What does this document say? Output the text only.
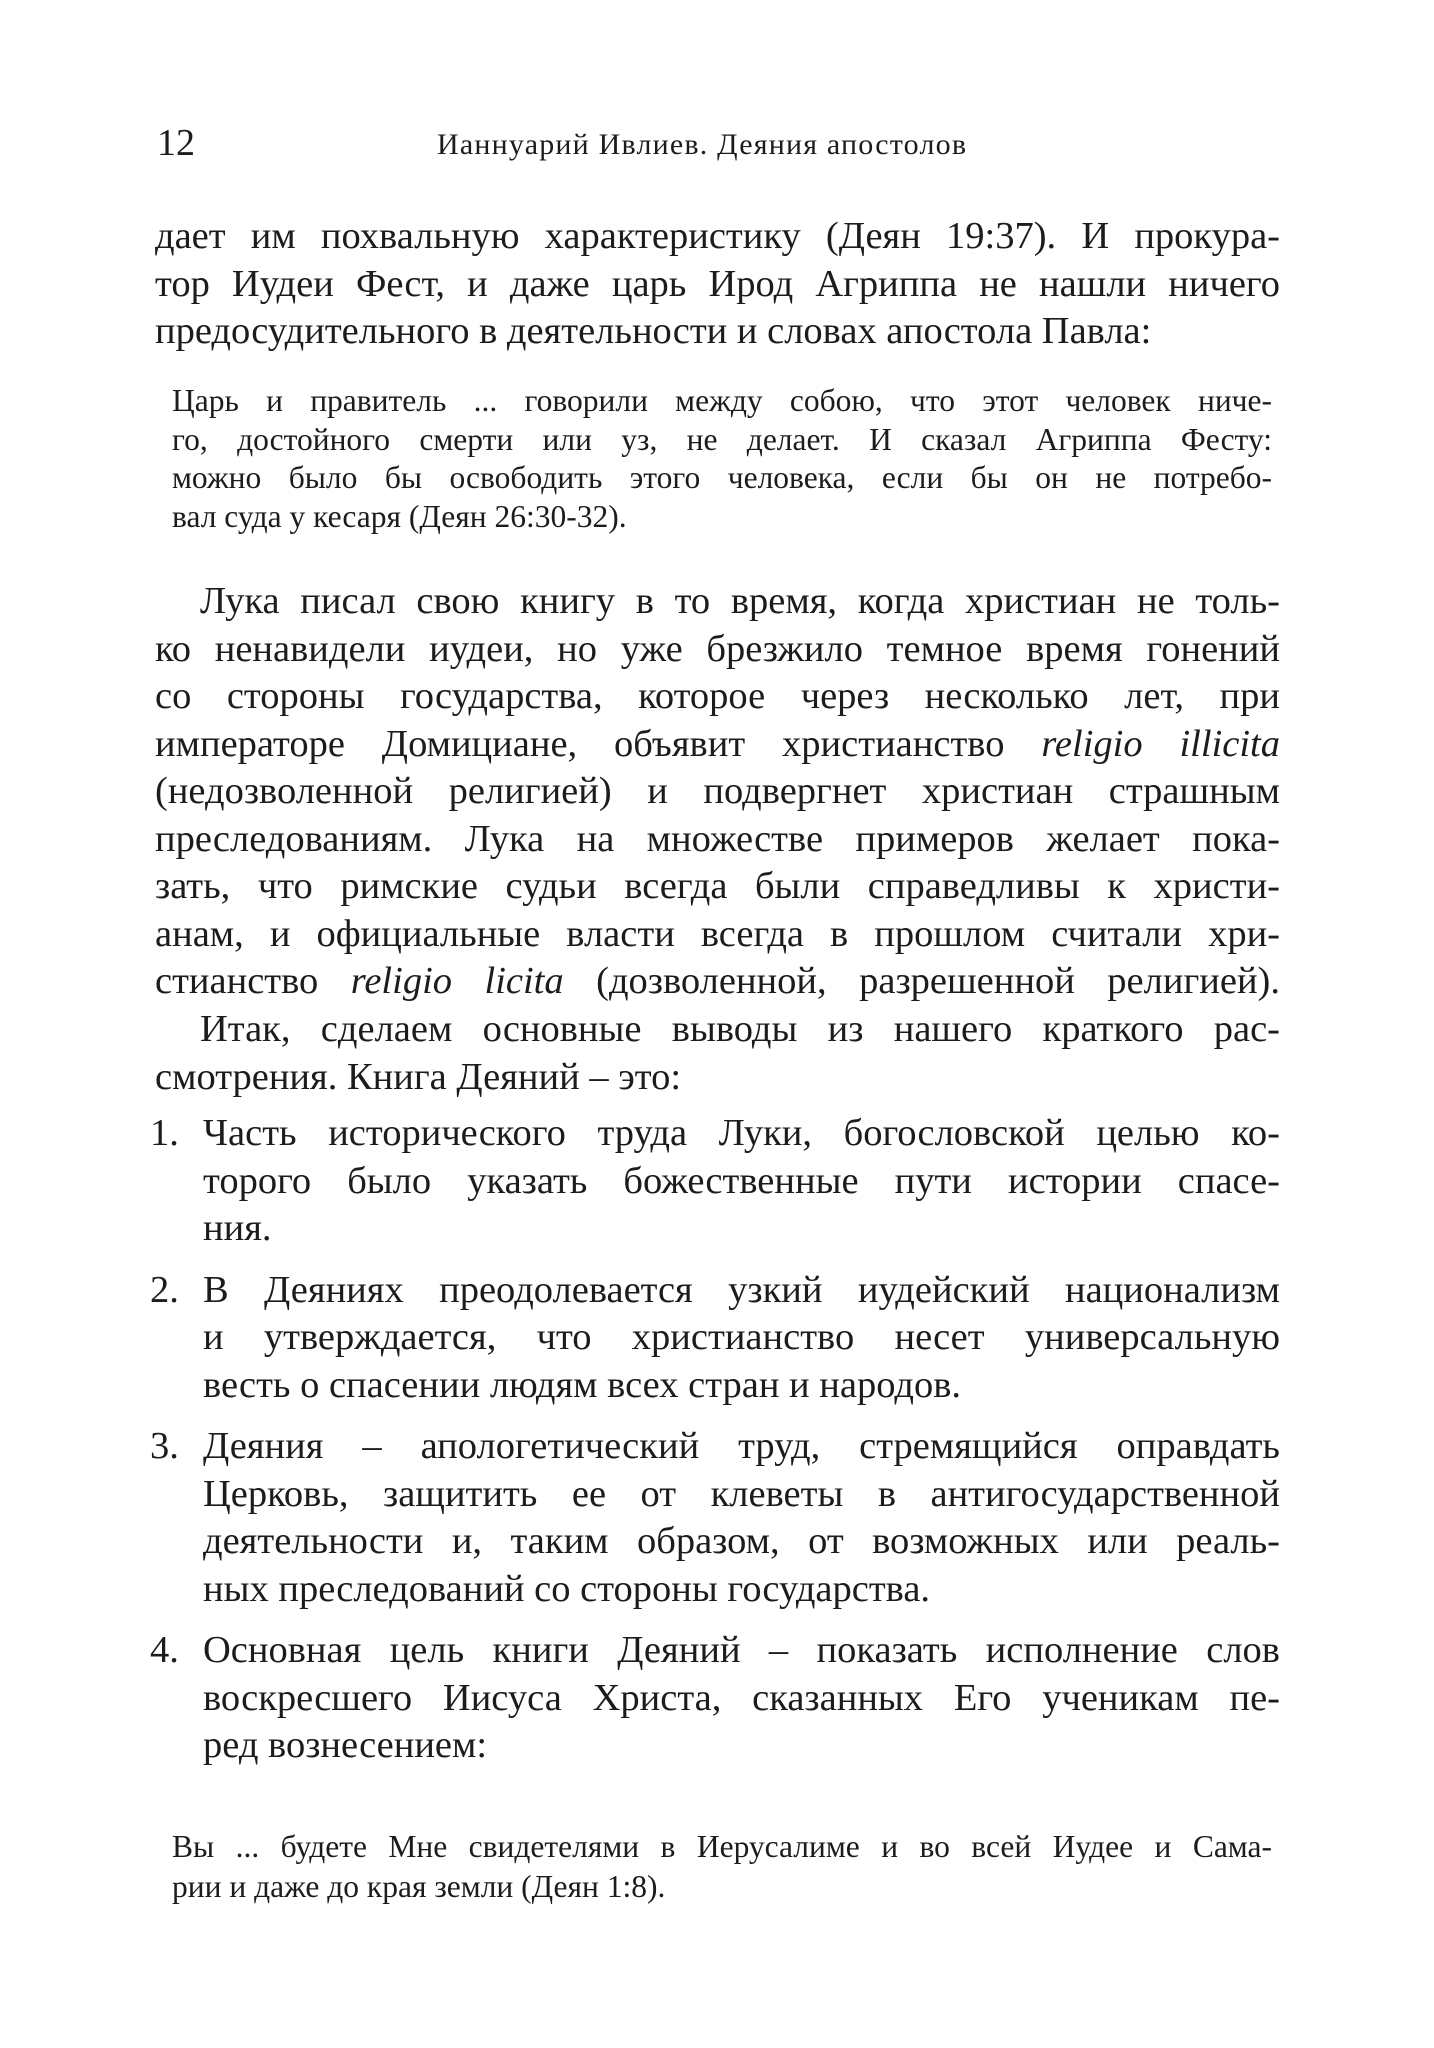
12	Ианнуарий Ивлиев. Деяния апостолов
дает им похвальную характеристику (Деян 19:37). И прокура-
тор Иудеи Фест, и даже царь Ирод Агриппа не нашли ничего
предосудительного в деятельности и словах апостола Павла:
Царь и правитель ... говорили между собою, что этот человек ниче-
го, достойного смерти или уз, не делает. И сказал Агриппа Фесту:
можно было бы освободить этого человека, если бы он не потребо-
вал суда у кесаря (Деян 26:30-32).
Лука писал свою книгу в то время, когда христиан не толь-
ко ненавидели иудеи, но уже брезжило темное время гонений
со стороны государства, которое через несколько лет, при
императоре Домициане, объявит христианство religio illicita
(недозволенной религией) и подвергнет христиан страшным
преследованиям. Лука на множестве примеров желает пока-
зать, что римские судьи всегда были справедливы к христи-
анам, и официальные власти всегда в прошлом считали хри-
стианство religio licita (дозволенной, разрешенной религией).
Итак, сделаем основные выводы из нашего краткого рас-
смотрения. Книга Деяний – это:
1. Часть исторического труда Луки, богословской целью ко-
торого было указать божественные пути истории спасе-
ния.
2. В Деяниях преодолевается узкий иудейский национализм
и утверждается, что христианство несет универсальную
весть о спасении людям всех стран и народов.
3. Деяния – апологетический труд, стремящийся оправдать
Церковь, защитить ее от клеветы в антигосударственной
деятельности и, таким образом, от возможных или реаль-
ных преследований со стороны государства.
4. Основная цель книги Деяний – показать исполнение слов
воскресшего Иисуса Христа, сказанных Его ученикам пе-
ред вознесением:
Вы ... будете Мне свидетелями в Иерусалиме и во всей Иудее и Сама-
рии и даже до края земли (Деян 1:8).
